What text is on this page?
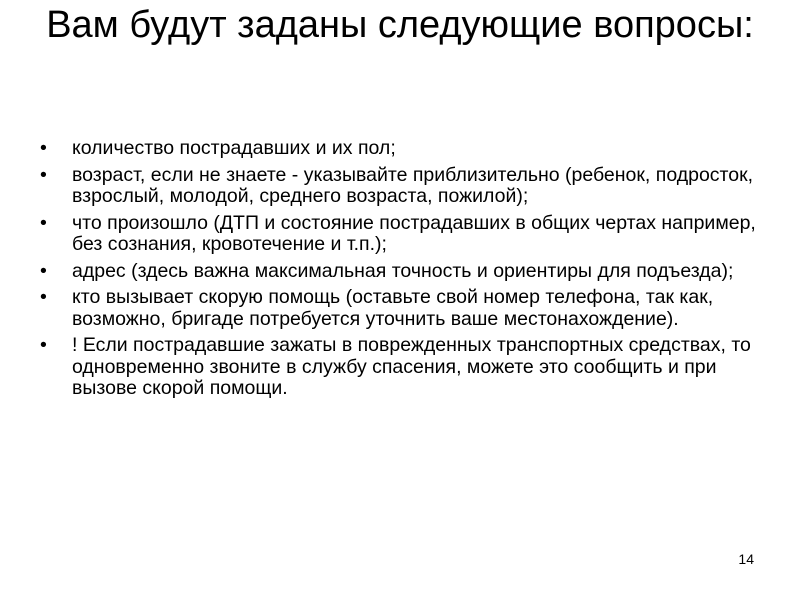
Вам будут заданы следующие вопросы:
•	количество пострадавших и их пол;
•	возраст, если не знаете - указывайте приблизительно (ребенок, подросток, взрослый, молодой, среднего возраста, пожилой);
•	что произошло (ДТП и состояние пострадавших в общих чертах например, без сознания, кровотечение и т.п.);
•	адрес (здесь важна максимальная точность и ориентиры для подъезда);
•	кто вызывает скорую помощь (оставьте свой номер телефона, так как, возможно, бригаде потребуется уточнить ваше местонахождение).
•	! Если пострадавшие зажаты в поврежденных транспортных средствах, то одновременно звоните в службу спасения, можете это сообщить и при вызове скорой помощи.
14
